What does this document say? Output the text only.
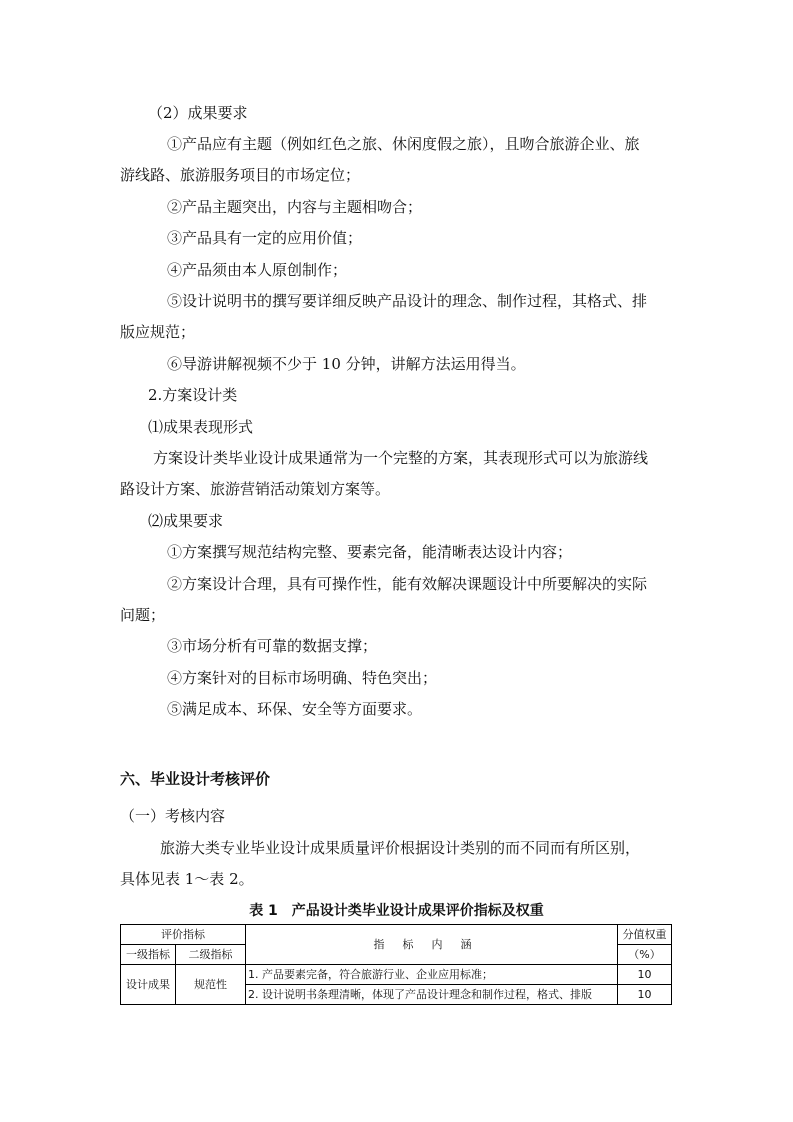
（2）成果要求
①产品应有主题（例如红色之旅、休闲度假之旅），且吻合旅游企业、旅
游线路、旅游服务项目的市场定位；
②产品主题突出，内容与主题相吻合；
③产品具有一定的应用价值；
④产品须由本人原创制作；
⑤设计说明书的撰写要详细反映产品设计的理念、制作过程，其格式、排
版应规范；
⑥导游讲解视频不少于 10 分钟，讲解方法运用得当。
2.方案设计类
⑴成果表现形式
方案设计类毕业设计成果通常为一个完整的方案，其表现形式可以为旅游线
路设计方案、旅游营销活动策划方案等。
⑵成果要求
①方案撰写规范结构完整、要素完备，能清晰表达设计内容；
②方案设计合理，具有可操作性，能有效解决课题设计中所要解决的实际
问题；
③市场分析有可靠的数据支撑；
④方案针对的目标市场明确、特色突出；
⑤满足成本、环保、安全等方面要求。
六、毕业设计考核评价
（一）考核内容
旅游大类专业毕业设计成果质量评价根据设计类别的而不同而有所区别，
具体见表 1～表 2。
表 1　产品设计类毕业设计成果评价指标及权重
评价指标		指标内涵	分值权重
一级指标	二级指标		（%）
设计成果	规范性	1. 产品要素完备，符合旅游行业、企业应用标准；	10
		2. 设计说明书条理清晰，体现了产品设计理念和制作过程，格式、排版	10
